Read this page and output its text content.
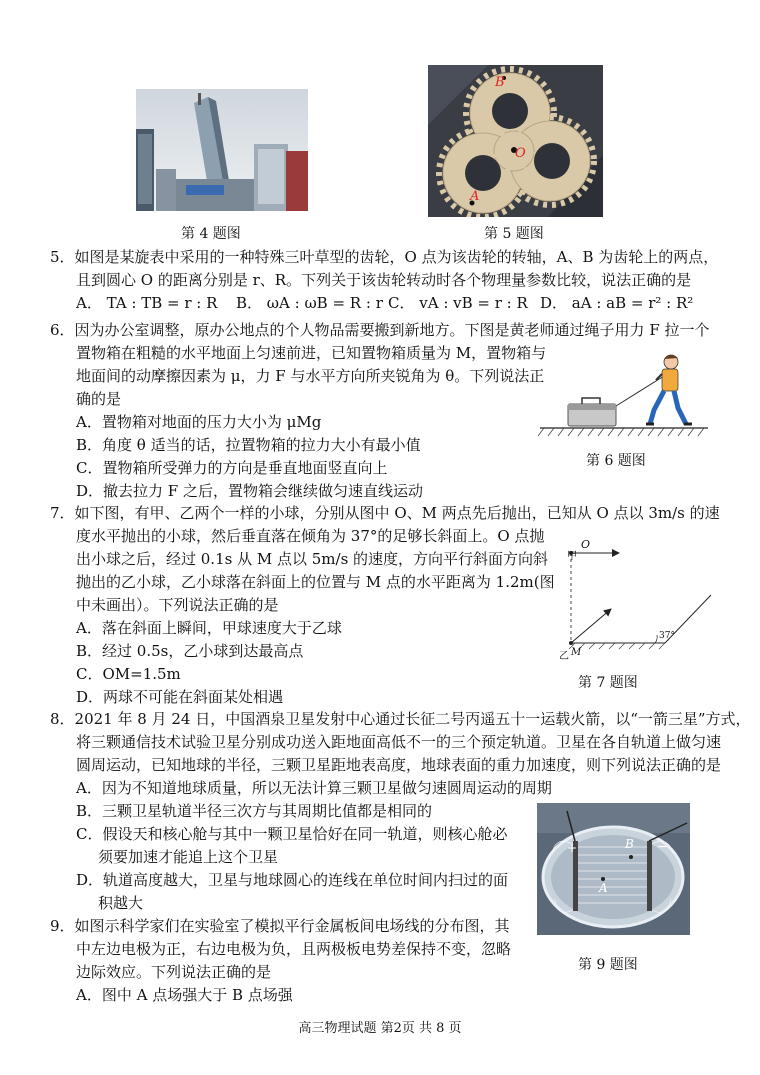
B
O
A
第 4 题图	第 5 题图
5．如图是某旋表中采用的一种特殊三叶草型的齿轮，O 点为该齿轮的转轴，A、B 为齿轮上的两点，
且到圆心 O 的距离分别是 r、R。下列关于该齿轮转动时各个物理量参数比较，说法正确的是
A． TA : TB = r : R B． ωA : ωB = R : r C． vA : vB = r : R D． aA : aB = r² : R²
6．因为办公室调整，原办公地点的个人物品需要搬到新地方。下图是黄老师通过绳子用力 F 拉一个
置物箱在粗糙的水平地面上匀速前进，已知置物箱质量为 M，置物箱与
地面间的动摩擦因素为 μ，力 F 与水平方向所夹锐角为 θ。下列说法正
确的是
A．置物箱对地面的压力大小为 μMg
B．角度 θ 适当的话，拉置物箱的拉力大小有最小值
C．置物箱所受弹力的方向是垂直地面竖直向上
D．撤去拉力 F 之后，置物箱会继续做匀速直线运动
第 6 题图
7．如下图，有甲、乙两个一样的小球，分别从图中 O、M 两点先后抛出，已知从 O 点以 3m/s 的速
度水平抛出的小球，然后垂直落在倾角为 37°的足够长斜面上。O 点抛
出小球之后，经过 0.1s 从 M 点以 5m/s 的速度，方向平行斜面方向斜
抛出的乙小球，乙小球落在斜面上的位置与 M 点的水平距离为 1.2m(图
中未画出）。下列说法正确的是
A．落在斜面上瞬间，甲球速度大于乙球
B．经过 0.5s，乙小球到达最高点
C．OM=1.5m
D．两球不可能在斜面某处相遇
甲
O
乙 M
37°
第 7 题图
8．2021 年 8 月 24 日，中国酒泉卫星发射中心通过长征二号丙遥五十一运载火箭，以“一箭三星”方式，
将三颗通信技术试验卫星分别成功送入距地面高低不一的三个预定轨道。卫星在各自轨道上做匀速
圆周运动，已知地球的半径，三颗卫星距地表高度，地球表面的重力加速度，则下列说法正确的是
A．因为不知道地球质量，所以无法计算三颗卫星做匀速圆周运动的周期
B．三颗卫星轨道半径三次方与其周期比值都是相同的
C．假设天和核心舱与其中一颗卫星恰好在同一轨道，则核心舱必
须要加速才能追上这个卫星
D．轨道高度越大，卫星与地球圆心的连线在单位时间内扫过的面
积越大
+	−
A
B
第 9 题图
9．如图示科学家们在实验室了模拟平行金属板间电场线的分布图，其
中左边电极为正，右边电极为负，且两极板电势差保持不变，忽略
边际效应。下列说法正确的是
A．图中 A 点场强大于 B 点场强
高三物理试题 第2页 共 8 页
